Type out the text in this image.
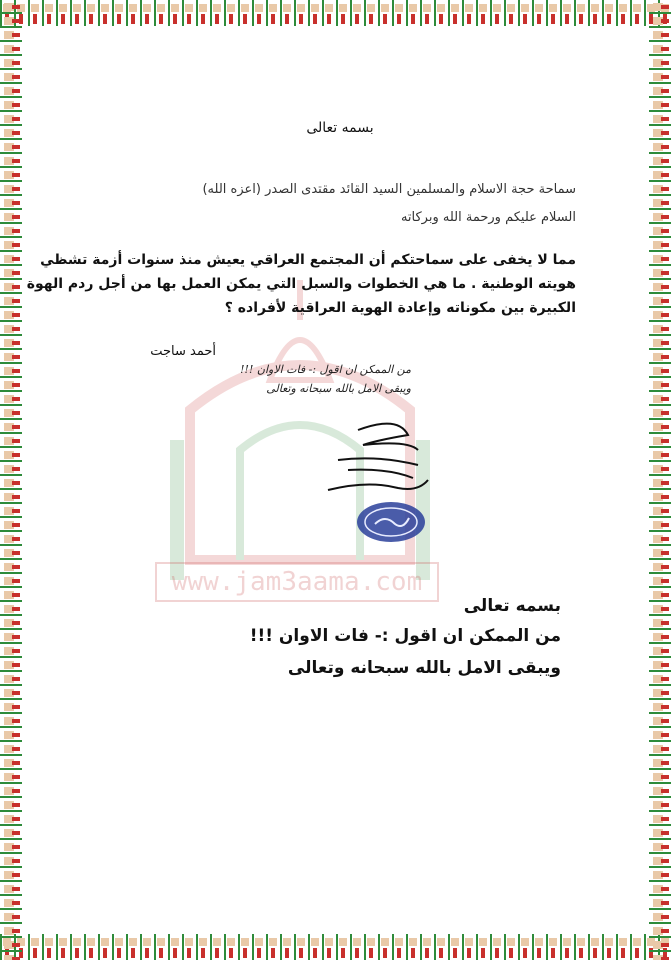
www.jam3aama.com
بسمه تعالى
سماحة حجة الاسلام والمسلمين السيد القائد مقتدى الصدر (اعزه الله)
السلام عليكم ورحمة الله وبركاته
مما لا يخفى على سماحتكم أن المجتمع العراقي يعيش منذ سنوات أزمة تشظي
هويته الوطنية . ما هي الخطوات والسبل التي يمكن العمل بها من أجل ردم الهوة
الكبيرة بين مكوناته وإعادة الهوية العراقية لأفراده ؟
أحمد ساجت
من الممكن ان اقول :- فات الاوان !!!
ويبقى الامل بالله سبحانه وتعالى
بسمه تعالى
من الممكن ان اقول :- فات الاوان !!!
ويبقى الامل بالله سبحانه وتعالى
